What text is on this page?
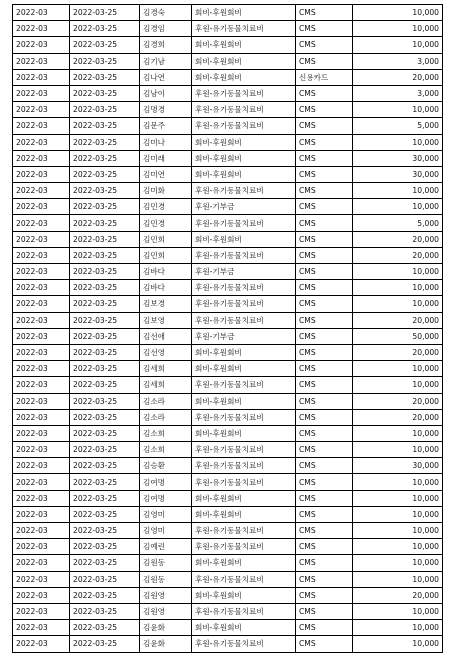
2022-03	2022-03-25	김경숙	회비-후원회비	CMS	10,000
2022-03	2022-03-25	김경임	후원-유기동물치료비	CMS	10,000
2022-03	2022-03-25	김경희	회비-후원회비	CMS	10,000
2022-03	2022-03-25	김기남	회비-후원회비	CMS	3,000
2022-03	2022-03-25	김나연	회비-후원회비	신용카드	20,000
2022-03	2022-03-25	김남이	후원-유기동물치료비	CMS	3,000
2022-03	2022-03-25	김명경	후원-유기동물치료비	CMS	10,000
2022-03	2022-03-25	김문주	후원-유기동물치료비	CMS	5,000
2022-03	2022-03-25	김미나	회비-후원회비	CMS	10,000
2022-03	2022-03-25	김미래	회비-후원회비	CMS	30,000
2022-03	2022-03-25	김미연	회비-후원회비	CMS	30,000
2022-03	2022-03-25	김미화	후원-유기동물치료비	CMS	10,000
2022-03	2022-03-25	김민경	후원-기부금	CMS	10,000
2022-03	2022-03-25	김민경	후원-유기동물치료비	CMS	5,000
2022-03	2022-03-25	김민희	회비-후원회비	CMS	20,000
2022-03	2022-03-25	김민희	후원-유기동물치료비	CMS	20,000
2022-03	2022-03-25	김바다	후원-기부금	CMS	10,000
2022-03	2022-03-25	김바다	후원-유기동물치료비	CMS	10,000
2022-03	2022-03-25	김보경	후원-유기동물치료비	CMS	10,000
2022-03	2022-03-25	김보영	후원-유기동물치료비	CMS	20,000
2022-03	2022-03-25	김선애	후원-기부금	CMS	50,000
2022-03	2022-03-25	김선영	회비-후원회비	CMS	20,000
2022-03	2022-03-25	김세희	회비-후원회비	CMS	10,000
2022-03	2022-03-25	김세희	후원-유기동물치료비	CMS	10,000
2022-03	2022-03-25	김소라	회비-후원회비	CMS	20,000
2022-03	2022-03-25	김소라	후원-유기동물치료비	CMS	20,000
2022-03	2022-03-25	김소희	회비-후원회비	CMS	10,000
2022-03	2022-03-25	김소희	후원-유기동물치료비	CMS	10,000
2022-03	2022-03-25	김승환	후원-유기동물치료비	CMS	30,000
2022-03	2022-03-25	김여명	후원-유기동물치료비	CMS	10,000
2022-03	2022-03-25	김여명	회비-후원회비	CMS	10,000
2022-03	2022-03-25	김영미	회비-후원회비	CMS	10,000
2022-03	2022-03-25	김영미	후원-유기동물치료비	CMS	10,000
2022-03	2022-03-25	김예린	후원-유기동물치료비	CMS	10,000
2022-03	2022-03-25	김원동	회비-후원회비	CMS	10,000
2022-03	2022-03-25	김원동	후원-유기동물치료비	CMS	10,000
2022-03	2022-03-25	김원영	회비-후원회비	CMS	20,000
2022-03	2022-03-25	김원영	후원-유기동물치료비	CMS	10,000
2022-03	2022-03-25	김윤화	회비-후원회비	CMS	10,000
2022-03	2022-03-25	김윤화	후원-유기동물치료비	CMS	10,000
